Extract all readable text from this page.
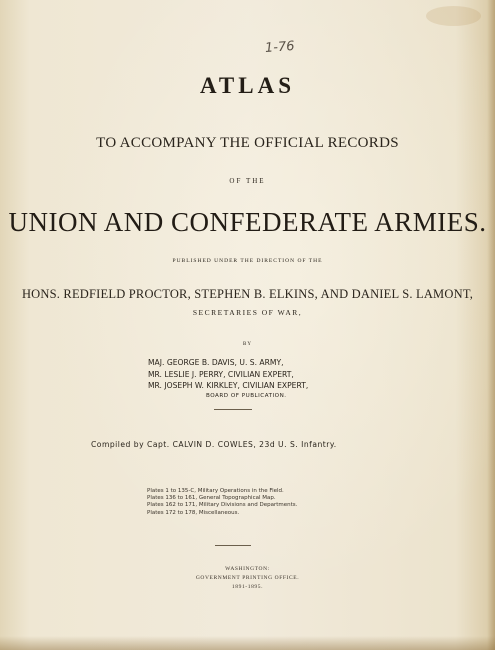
1-76
ATLAS
TO ACCOMPANY THE OFFICIAL RECORDS
OF THE
UNION AND CONFEDERATE ARMIES.
PUBLISHED UNDER THE DIRECTION OF THE
HONS. REDFIELD PROCTOR, STEPHEN B. ELKINS, AND DANIEL S. LAMONT,
SECRETARIES OF WAR,
BY
MAJ. GEORGE B. DAVIS, U. S. ARMY,
MR. LESLIE J. PERRY, CIVILIAN EXPERT,
MR. JOSEPH W. KIRKLEY, CIVILIAN EXPERT,
BOARD OF PUBLICATION.
Compiled by Capt. CALVIN D. COWLES, 23d U. S. Infantry.
Plates 1 to 135-C, Military Operations in the Field.
Plates 136 to 161, General Topographical Map.
Plates 162 to 171, Military Divisions and Departments.
Plates 172 to 178, Miscellaneous.
WASHINGTON:
GOVERNMENT PRINTING OFFICE.
1891-1895.
